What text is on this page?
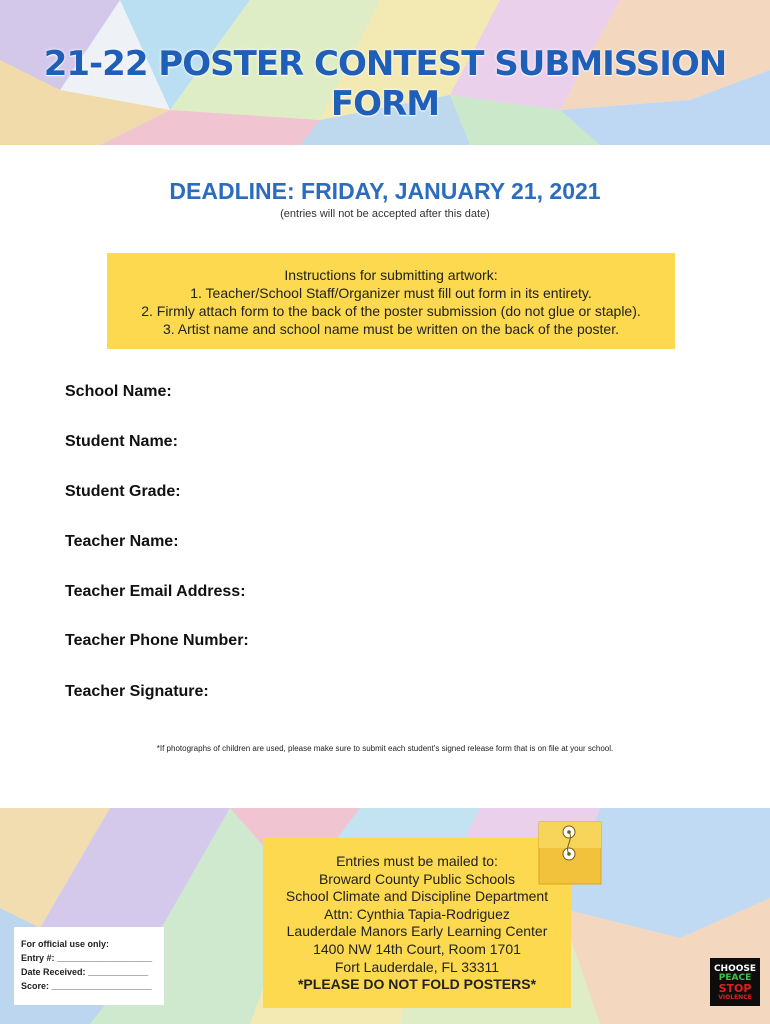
21-22 POSTER CONTEST SUBMISSION FORM
DEADLINE: FRIDAY, JANUARY 21, 2021
(entries will not be accepted after this date)
Instructions for submitting artwork:
1. Teacher/School Staff/Organizer must fill out form in its entirety.
2. Firmly attach form to the back of the poster submission (do not glue or staple).
3. Artist name and school name must be written on the back of the poster.
School Name:
Student Name:
Student Grade:
Teacher Name:
Teacher Email Address:
Teacher Phone Number:
Teacher Signature:
*If photographs of children are used, please make sure to submit each student's signed release form that is on file at your school.
Entries must be mailed to:
Broward County Public Schools
School Climate and Discipline Department
Attn: Cynthia Tapia-Rodriguez
Lauderdale Manors Early Learning Center
1400 NW 14th Court, Room 1701
Fort Lauderdale, FL 33311
*PLEASE DO NOT FOLD POSTERS*
For official use only:
Entry #: ___________________
Date Received: ____________
Score: ____________________
CHOOSE
PEACE
STOP
VIOLENCE
